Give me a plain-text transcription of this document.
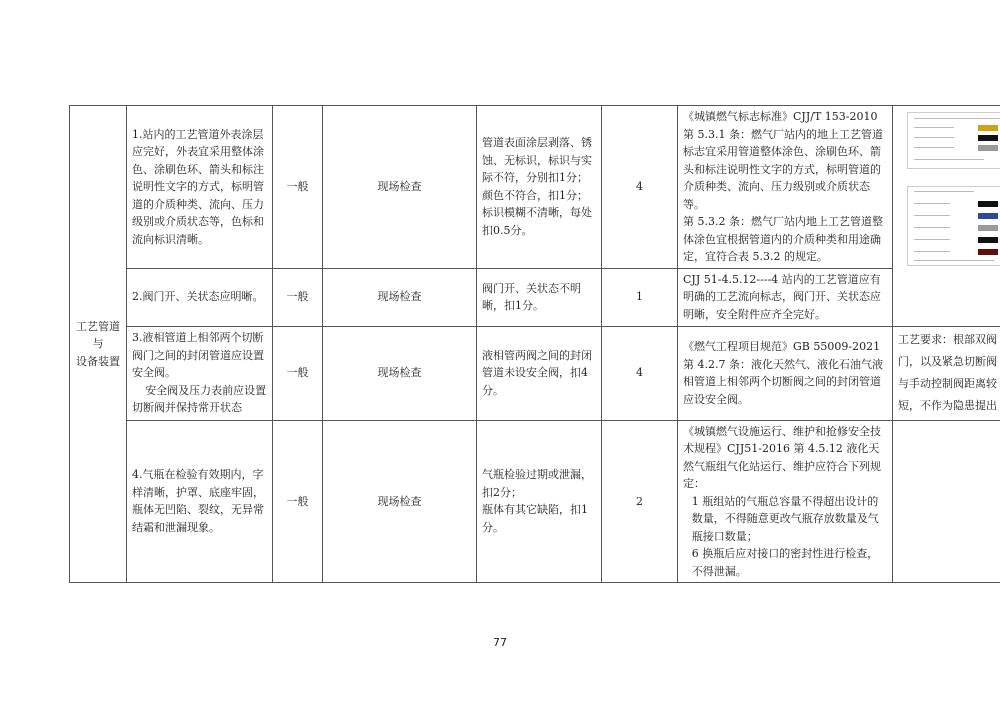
工艺管道
与
设备装置	1.站内的工艺管道外表涂层应完好，外表宜采用整体涂色、涂刷色环、箭头和标注说明性文字的方式，标明管道的介质种类、流向、压力级别或介质状态等，色标和流向标识清晰。	一般	现场检查	管道表面涂层剥落、锈蚀、无标识，标识与实际不符，分别扣1分；
颜色不符合，扣1分；
标识模糊不清晰，每处扣0.5分。	4	《城镇燃气标志标准》CJJ/T 153-2010 第 5.3.1 条：燃气厂站内的地上工艺管道标志宜采用管道整体涂色、涂刷色环、箭头和标注说明性文字的方式，标明管道的介质种类、流向、压力级别或介质状态等。
第 5.3.2 条：燃气厂站内地上工艺管道整体涂色宜根据管道内的介质种类和用途确定，宜符合表 5.3.2 的规定。	

	2.阀门开、关状态应明晰。	一般	现场检查	阀门开、关状态不明晰，扣1分。	1	CJJ 51-4.5.12----4 站内的工艺管道应有明确的工艺流向标志，阀门开、关状态应明晰，安全附件应齐全完好。	

	3.液相管道上相邻两个切断阀门之间的封闭管道应设置安全阀。
安全阀及压力表前应设置切断阀并保持常开状态	一般	现场检查	液相管两阀之间的封闭管道未设安全阀，扣4分。	4	《燃气工程项目规范》GB 55009-2021 第 4.2.7 条：液化天然气、液化石油气液相管道上相邻两个切断阀之间的封闭管道应设安全阀。	工艺要求：根部双阀门，以及紧急切断阀与手动控制阀距离较短，不作为隐患提出
	4.气瓶在检验有效期内，字样清晰，护罩、底座牢固，瓶体无凹陷、裂纹，无异常结霜和泄漏现象。	一般	现场检查	气瓶检验过期或泄漏，扣2分；
瓶体有其它缺陷，扣1分。	2	《城镇燃气设施运行、维护和抢修安全技术规程》CJJ51-2016 第 4.5.12 液化天然气瓶组气化站运行、维护应符合下列规定：
1 瓶组站的气瓶总容量不得超出设计的数量，不得随意更改气瓶存放数量及气瓶接口数量；
6 换瓶后应对接口的密封性进行检查，不得泄漏。	

77
